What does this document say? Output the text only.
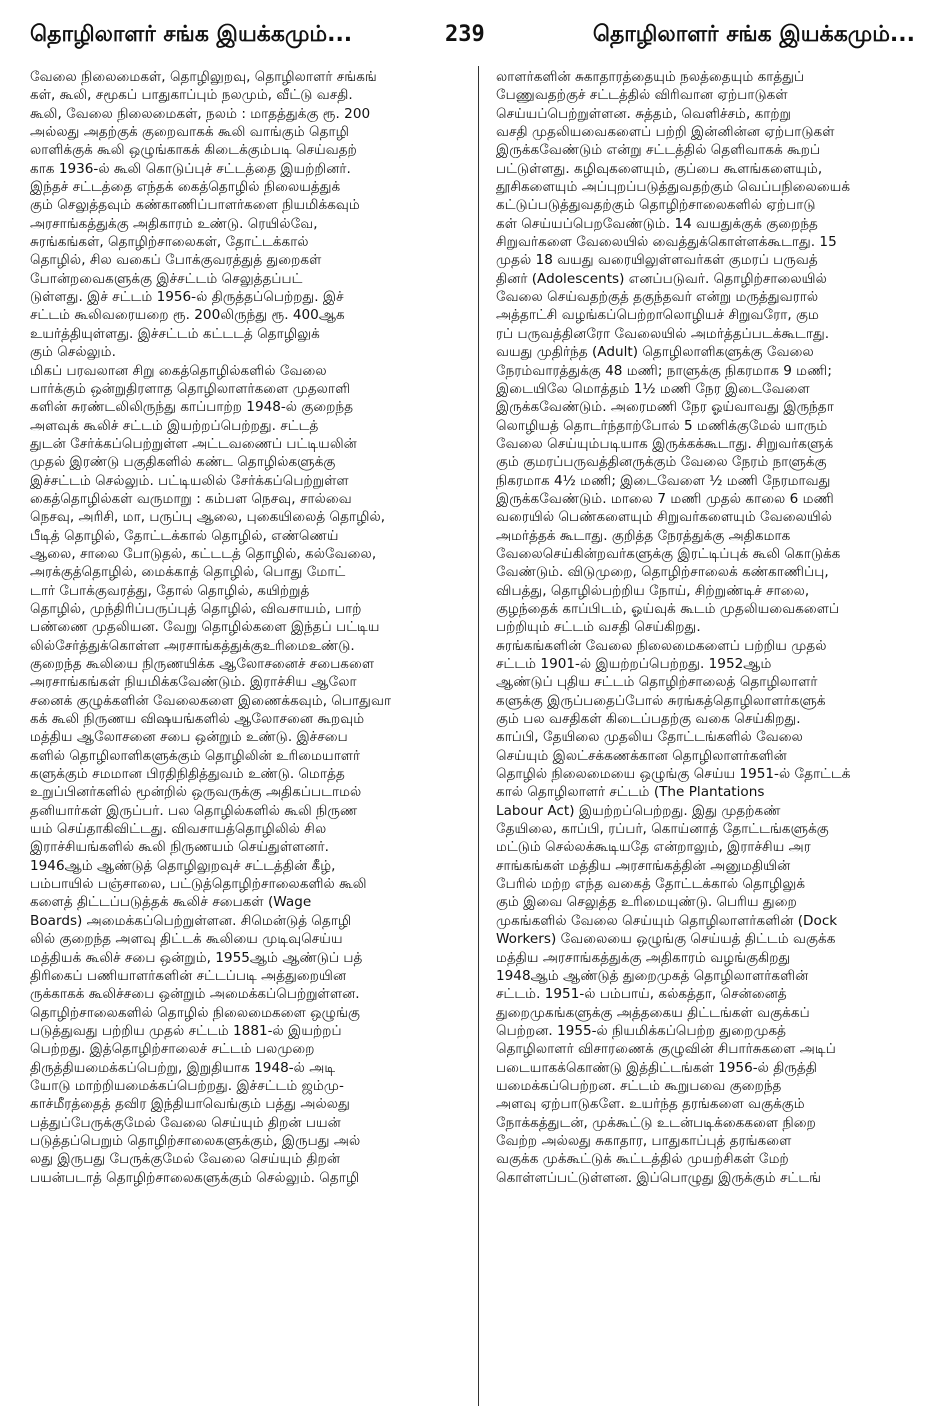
தொழிலாளர் சங்க இயக்கமும்...	239	தொழிலாளர் சங்க இயக்கமும்...
வேலை நிலைமைகள், தொழிலுறவு, தொழிலாளர் சங்கங்
கள், கூலி, சமூகப் பாதுகாப்பும் நலமும், வீட்டு வசதி.
கூலி, வேலை நிலைமைகள், நலம் : மாதத்துக்கு ரூ. 200
அல்லது அதற்குக் குறைவாகக் கூலி வாங்கும் தொழி
லாளிக்குக் கூலி ஒழுங்காகக் கிடைக்கும்படி செய்வதற்
காக 1936-ல் கூலி கொடுப்புச் சட்டத்தை இயற்றினர்.
இந்தச் சட்டத்தை எந்தக் கைத்தொழில் நிலையத்துக்
கும் செலுத்தவும் கண்காணிப்பாளர்களை நியமிக்கவும்
அரசாங்கத்துக்கு அதிகாரம் உண்டு. ரெயில்வே,
சுரங்கங்கள், தொழிற்சாலைகள், தோட்டக்கால்
தொழில், சில வகைப் போக்குவரத்துத் துறைகள்
போன்றவைகளுக்கு இச்சட்டம் செலுத்தப்பட்
டுள்ளது. இச் சட்டம் 1956-ல் திருத்தப்பெற்றது. இச்
சட்டம் கூலிவரையறை ரூ. 200லிருந்து ரூ. 400ஆக
உயர்த்தியுள்ளது. இச்சட்டம் கட்டடத் தொழிலுக்
கும் செல்லும்.
மிகப் பரவலான சிறு கைத்தொழில்களில் வேலை
பார்க்கும் ஒன்றுதிரளாத தொழிலாளர்களை முதலாளி
களின் சுரண்டலிலிருந்து காப்பாற்ற 1948-ல் குறைந்த
அளவுக் கூலிச் சட்டம் இயற்றப்பெற்றது. சட்டத்
துடன் சேர்க்கப்பெற்றுள்ள அட்டவணைப் பட்டியலின்
முதல் இரண்டு பகுதிகளில் கண்ட தொழில்களுக்கு
இச்சட்டம் செல்லும். பட்டியலில் சேர்க்கப்பெற்றுள்ள
கைத்தொழில்கள் வருமாறு : கம்பள நெசவு, சால்வை
நெசவு, அரிசி, மா, பருப்பு ஆலை, புகையிலைத் தொழில்,
பீடித் தொழில், தோட்டக்கால் தொழில், எண்ணெய்
ஆலை, சாலை போடுதல், கட்டடத் தொழில், கல்வேலை,
அரக்குத்தொழில், மைக்காத் தொழில், பொது மோட்
டார் போக்குவரத்து, தோல் தொழில், கயிற்றுத்
தொழில், முந்திரிப்பருப்புத் தொழில், விவசாயம், பாற்
பண்ணை முதலியன. வேறு தொழில்களை இந்தப் பட்டிய
லில்சேர்த்துக்கொள்ள அரசாங்கத்துக்குஉரிமைஉண்டு.
குறைந்த கூலியை நிருணயிக்க ஆலோசனைச் சபைகளை
அரசாங்கங்கள் நியமிக்கவேண்டும். இராச்சிய ஆலோ
சனைக் குழுக்களின் வேலைகளை இணைக்கவும், பொதுவா
கக் கூலி நிருணய விஷயங்களில் ஆலோசனை கூறவும்
மத்திய ஆலோசனை சபை ஒன்றும் உண்டு. இச்சபை
களில் தொழிலாளிகளுக்கும் தொழிலின் உரிமையாளர்
களுக்கும் சமமான பிரதிநிதித்துவம் உண்டு. மொத்த
உறுப்பினர்களில் மூன்றில் ஒருவருக்கு அதிகப்படாமல்
தனியார்கள் இருப்பர். பல தொழில்களில் கூலி நிருண
யம் செய்தாகிவிட்டது. விவசாயத்தொழிலில் சில
இராச்சியங்களில் கூலி நிருணயம் செய்துள்ளனர்.
1946ஆம் ஆண்டுத் தொழிலுறவுச் சட்டத்தின் கீழ்,
பம்பாயில் பஞ்சாலை, பட்டுத்தொழிற்சாலைகளில் கூலி
களைத் திட்டப்படுத்தக் கூலிச் சபைகள் (Wage
Boards) அமைக்கப்பெற்றுள்ளன. சிமென்டுத் தொழி
லில் குறைந்த அளவு திட்டக் கூலியை முடிவுசெய்ய
மத்தியக் கூலிச் சபை ஒன்றும், 1955ஆம் ஆண்டுப் பத்
திரிகைப் பணியாளர்களின் சட்டப்படி அத்துறையின
ருக்காகக் கூலிச்சபை ஒன்றும் அமைக்கப்பெற்றுள்ளன.
தொழிற்சாலைகளில் தொழில் நிலைமைகளை ஒழுங்கு
படுத்துவது பற்றிய முதல் சட்டம் 1881-ல் இயற்றப்
பெற்றது. இத்தொழிற்சாலைச் சட்டம் பலமுறை
திருத்தியமைக்கப்பெற்று, இறுதியாக 1948-ல் அடி
யோடு மாற்றியமைக்கப்பெற்றது. இச்சட்டம் ஜம்மு-
காச்மீரத்தைத் தவிர இந்தியாவெங்கும் பத்து அல்லது
பத்துப்பேருக்குமேல் வேலை செய்யும் திறன் பயன்
படுத்தப்பெறும் தொழிற்சாலைகளுக்கும், இருபது அல்
லது இருபது பேருக்குமேல் வேலை செய்யும் திறன்
பயன்படாத் தொழிற்சாலைகளுக்கும் செல்லும். தொழி
லாளர்களின் சுகாதாரத்தையும் நலத்தையும் காத்துப்
பேணுவதற்குச் சட்டத்தில் விரிவான ஏற்பாடுகள்
செய்யப்பெற்றுள்ளன. சுத்தம், வெளிச்சம், காற்று
வசதி முதலியவைகளைப் பற்றி இன்னின்ன ஏற்பாடுகள்
இருக்கவேண்டும் என்று சட்டத்தில் தெளிவாகக் கூறப்
பட்டுள்ளது. கழிவுகளையும், குப்பை கூளங்களையும்,
தூசிகளையும் அப்புறப்படுத்துவதற்கும் வெப்பநிலையைக்
கட்டுப்படுத்துவதற்கும் தொழிற்சாலைகளில் ஏற்பாடு
கள் செய்யப்பெறவேண்டும். 14 வயதுக்குக் குறைந்த
சிறுவர்களை வேலையில் வைத்துக்கொள்ளக்கூடாது. 15
முதல் 18 வயது வரையிலுள்ளவர்கள் குமரப் பருவத்
தினர் (Adolescents) எனப்படுவர். தொழிற்சாலையில்
வேலை செய்வதற்குத் தகுந்தவர் என்று மருத்துவரால்
அத்தாட்சி வழங்கப்பெற்றாலொழியச் சிறுவரோ, கும
ரப் பருவத்தினரோ வேலையில் அமர்த்தப்படக்கூடாது.
வயது முதிர்ந்த (Adult) தொழிலாளிகளுக்கு வேலை
நேரம்வாரத்துக்கு 48 மணி; நாளுக்கு நிகரமாக 9 மணி;
இடையிலே மொத்தம் 1½ மணி நேர இடைவேளை
இருக்கவேண்டும். அரைமணி நேர ஓய்வாவது இருந்தா
லொழியத் தொடர்ந்தாற்போல் 5 மணிக்குமேல் யாரும்
வேலை செய்யும்படியாக இருக்கக்கூடாது. சிறுவர்களுக்
கும் குமரப்பருவத்தினருக்கும் வேலை நேரம் நாளுக்கு
நிகரமாக 4½ மணி; இடைவேளை ½ மணி நேரமாவது
இருக்கவேண்டும். மாலை 7 மணி முதல் காலை 6 மணி
வரையில் பெண்களையும் சிறுவர்களையும் வேலையில்
அமர்த்தக் கூடாது. குறித்த நேரத்துக்கு அதிகமாக
வேலைசெய்கின்றவர்களுக்கு இரட்டிப்புக் கூலி கொடுக்க
வேண்டும். விடுமுறை, தொழிற்சாலைக் கண்காணிப்பு,
விபத்து, தொழில்பற்றிய நோய், சிற்றுண்டிச் சாலை,
குழந்தைக் காப்பிடம், ஓய்வுக் கூடம் முதலியவைகளைப்
பற்றியும் சட்டம் வசதி செய்கிறது.
சுரங்கங்களின் வேலை நிலைமைகளைப் பற்றிய முதல்
சட்டம் 1901-ல் இயற்றப்பெற்றது. 1952ஆம்
ஆண்டுப் புதிய சட்டம் தொழிற்சாலைத் தொழிலாளர்
களுக்கு இருப்பதைப்போல் சுரங்கத்தொழிலாளர்களுக்
கும் பல வசதிகள் கிடைப்பதற்கு வகை செய்கிறது.
காப்பி, தேயிலை முதலிய தோட்டங்களில் வேலை
செய்யும் இலட்சக்கணக்கான தொழிலாளர்களின்
தொழில் நிலைமையை ஒழுங்கு செய்ய 1951-ல் தோட்டக்
கால் தொழிலாளர் சட்டம் (The Plantations
Labour Act) இயற்றப்பெற்றது. இது முதற்கண்
தேயிலை, காப்பி, ரப்பர், கொய்னாத் தோட்டங்களுக்கு
மட்டும் செல்லக்கூடியதே என்றாலும், இராச்சிய அர
சாங்கங்கள் மத்திய அரசாங்கத்தின் அனுமதியின்
பேரில் மற்ற எந்த வகைத் தோட்டக்கால் தொழிலுக்
கும் இவை செலுத்த உரிமையுண்டு. பெரிய துறை
முகங்களில் வேலை செய்யும் தொழிலாளர்களின் (Dock
Workers) வேலையை ஒழுங்கு செய்யத் திட்டம் வகுக்க
மத்திய அரசாங்கத்துக்கு அதிகாரம் வழங்குகிறது
1948ஆம் ஆண்டுத் துறைமுகத் தொழிலாளர்களின்
சட்டம். 1951-ல் பம்பாய், கல்கத்தா, சென்னைத்
துறைமுகங்களுக்கு அத்தகைய திட்டங்கள் வகுக்கப்
பெற்றன. 1955-ல் நியமிக்கப்பெற்ற துறைமுகத்
தொழிலாளர் விசாரணைக் குழுவின் சிபார்சுகளை அடிப்
படையாகக்கொண்டு இத்திட்டங்கள் 1956-ல் திருத்தி
யமைக்கப்பெற்றன. சட்டம் கூறுபவை குறைந்த
அளவு ஏற்பாடுகளே. உயர்ந்த தரங்களை வகுக்கும்
நோக்கத்துடன், முக்கூட்டு உடன்படிக்கைகளை நிறை
வேற்ற அல்லது சுகாதார, பாதுகாப்புத் தரங்களை
வகுக்க முக்கூட்டுக் கூட்டத்தில் முயற்சிகள் மேற்
கொள்ளப்பட்டுள்ளன. இப்பொழுது இருக்கும் சட்டங்
